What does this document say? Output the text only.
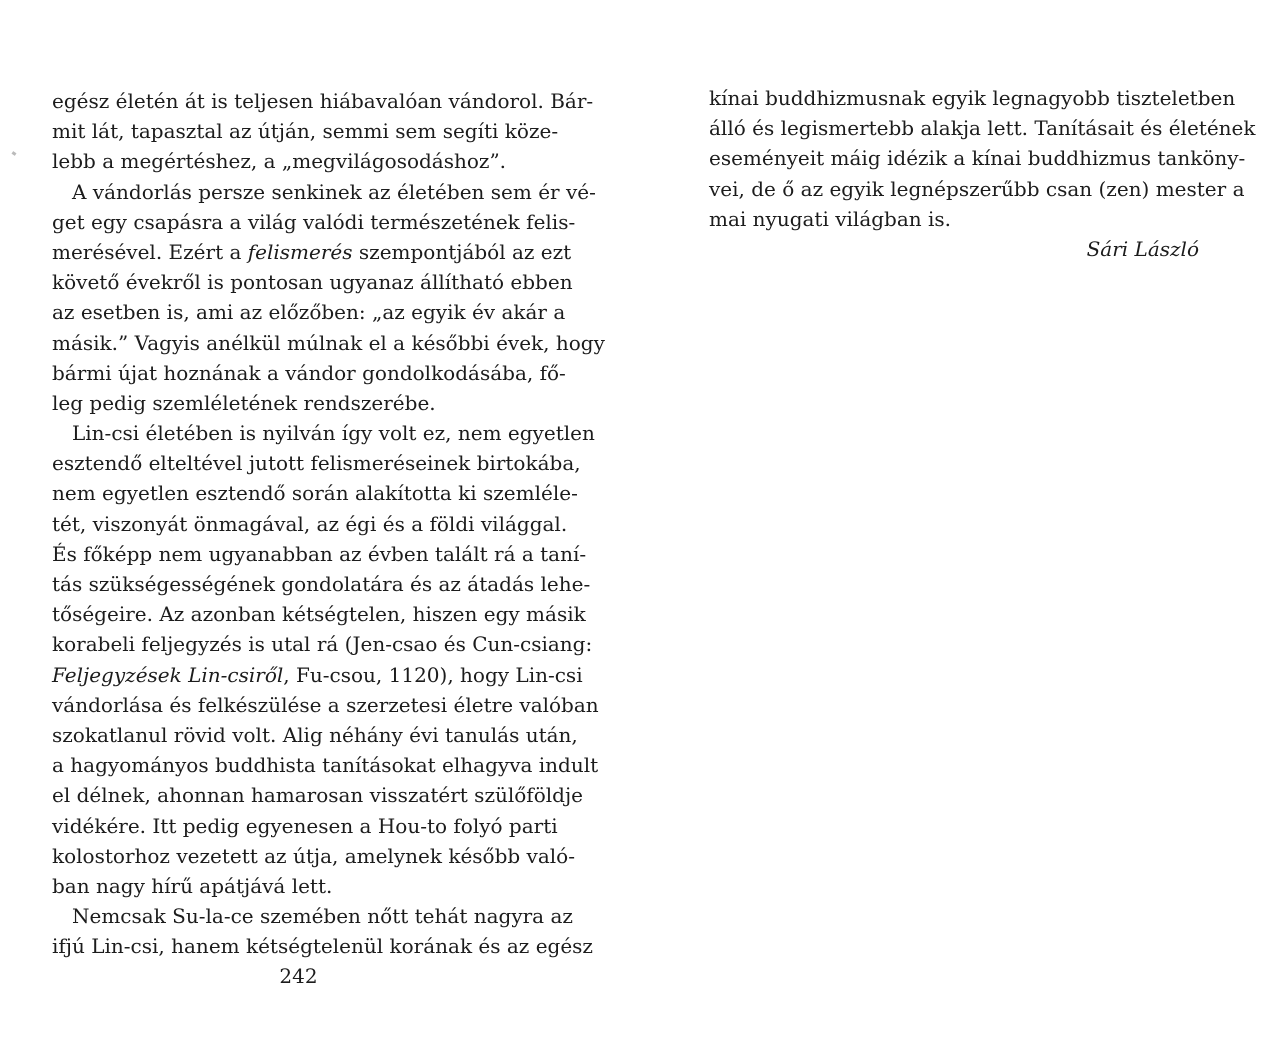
egész életén át is teljesen hiábavalóan vándorol. Bár-
mit lát, tapasztal az útján, semmi sem segíti köze-
lebb a megértéshez, a „megvilágosodáshoz”.
A vándorlás persze senkinek az életében sem ér vé-
get egy csapásra a világ valódi természetének felis-
merésével. Ezért a felismerés szempontjából az ezt
követő évekről is pontosan ugyanaz állítható ebben
az esetben is, ami az előzőben: „az egyik év akár a
másik.” Vagyis anélkül múlnak el a későbbi évek, hogy
bármi újat hoznának a vándor gondolkodásába, fő-
leg pedig szemléletének rendszerébe.
Lin-csi életében is nyilván így volt ez, nem egyetlen
esztendő elteltével jutott felismeréseinek birtokába,
nem egyetlen esztendő során alakította ki szemléle-
tét, viszonyát önmagával, az égi és a földi világgal.
És főképp nem ugyanabban az évben talált rá a taní-
tás szükségességének gondolatára és az átadás lehe-
tőségeire. Az azonban kétségtelen, hiszen egy másik
korabeli feljegyzés is utal rá (Jen-csao és Cun-csiang:
Feljegyzések Lin-csiről, Fu-csou, 1120), hogy Lin-csi
vándorlása és felkészülése a szerzetesi életre valóban
szokatlanul rövid volt. Alig néhány évi tanulás után,
a hagyományos buddhista tanításokat elhagyva indult
el délnek, ahonnan hamarosan visszatért szülőföldje
vidékére. Itt pedig egyenesen a Hou-to folyó parti
kolostorhoz vezetett az útja, amelynek később való-
ban nagy hírű apátjává lett.
Nemcsak Su-la-ce szemében nőtt tehát nagyra az
ifjú Lin-csi, hanem kétségtelenül korának és az egész
242
kínai buddhizmusnak egyik legnagyobb tiszteletben
álló és legismertebb alakja lett. Tanításait és életének
eseményeit máig idézik a kínai buddhizmus tanköny-
vei, de ő az egyik legnépszerűbb csan (zen) mester a
mai nyugati világban is.
Sári László
